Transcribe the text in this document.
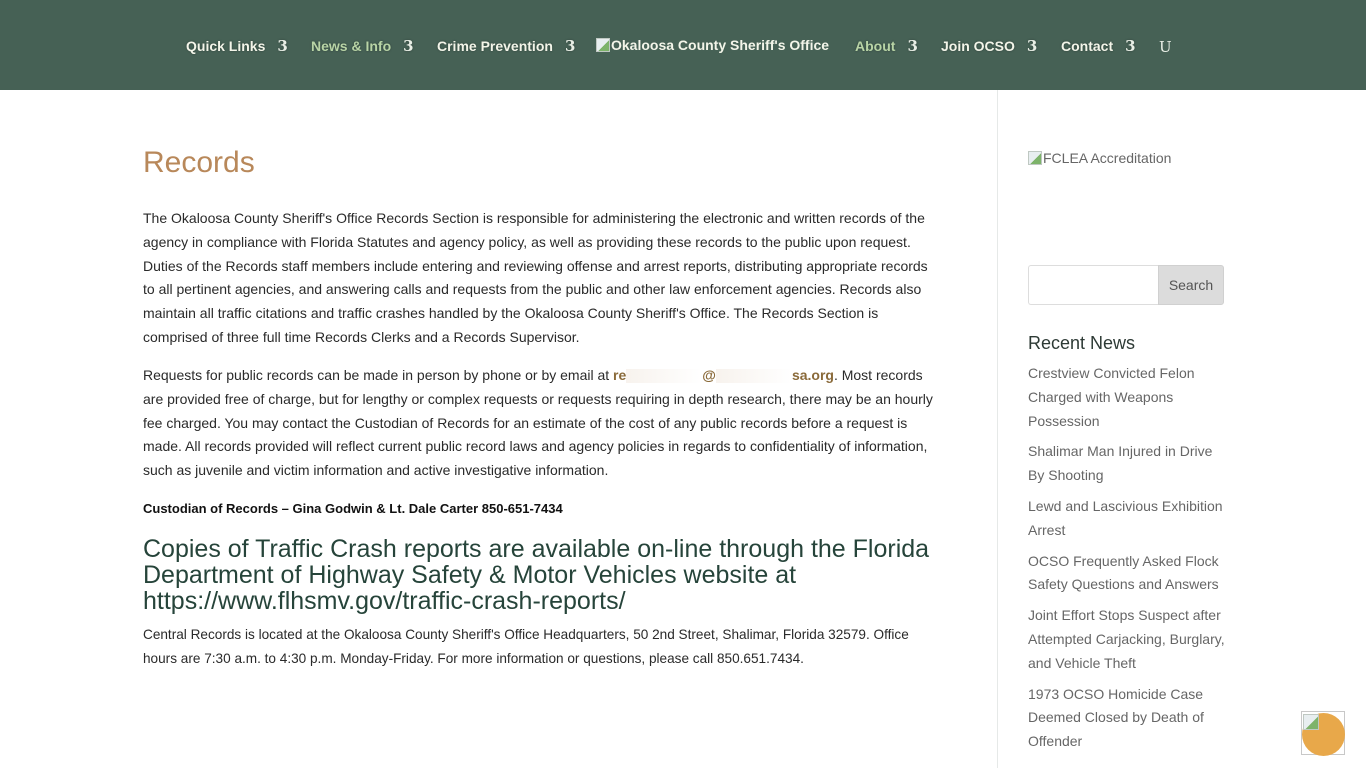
Quick Links 3 News & Info 3 Crime Prevention 3	Okaloosa County Sheriff's Office About 3 Join OCSO 3 Contact 3 U
Records

The Okaloosa County Sheriff's Office Records Section is responsible for administering the electronic and written records of the agency in compliance with Florida Statutes and agency policy, as well as providing these records to the public upon request. Duties of the Records staff members include entering and reviewing offense and arrest reports, distributing appropriate records to all pertinent agencies, and answering calls and requests from the public and other law enforcement agencies. Records also maintain all traffic citations and traffic crashes handled by the Okaloosa County Sheriff's Office. The Records Section is comprised of three full time Records Clerks and a Records Supervisor.

Requests for public records can be made in person by phone or by email at re	@	sa.org. Most records are provided free of charge, but for lengthy or complex requests or requests requiring in depth research, there may be an hourly fee charged. You may contact the Custodian of Records for an estimate of the cost of any public records before a request is made. All records provided will reflect current public record laws and agency policies in regards to confidentiality of information, such as juvenile and victim information and active investigative information.

Custodian of Records – Gina Godwin & Lt. Dale Carter 850-651-7434

Copies of Traffic Crash reports are available on-line through the Florida Department of Highway Safety & Motor Vehicles website at https://www.flhsmv.gov/traffic-crash-reports/

Central Records is located at the Okaloosa County Sheriff's Office Headquarters, 50 2nd Street, Shalimar, Florida 32579. Office hours are 7:30 a.m. to 4:30 p.m. Monday-Friday. For more information or questions, please call 850.651.7434.

FCLEA Accreditation
Search
Recent News
Crestview Convicted Felon Charged with Weapons Possession
Shalimar Man Injured in Drive By Shooting
Lewd and Lascivious Exhibition Arrest
OCSO Frequently Asked Flock Safety Questions and Answers
Joint Effort Stops Suspect after Attempted Carjacking, Burglary, and Vehicle Theft
1973 OCSO Homicide Case Deemed Closed by Death of Offender
